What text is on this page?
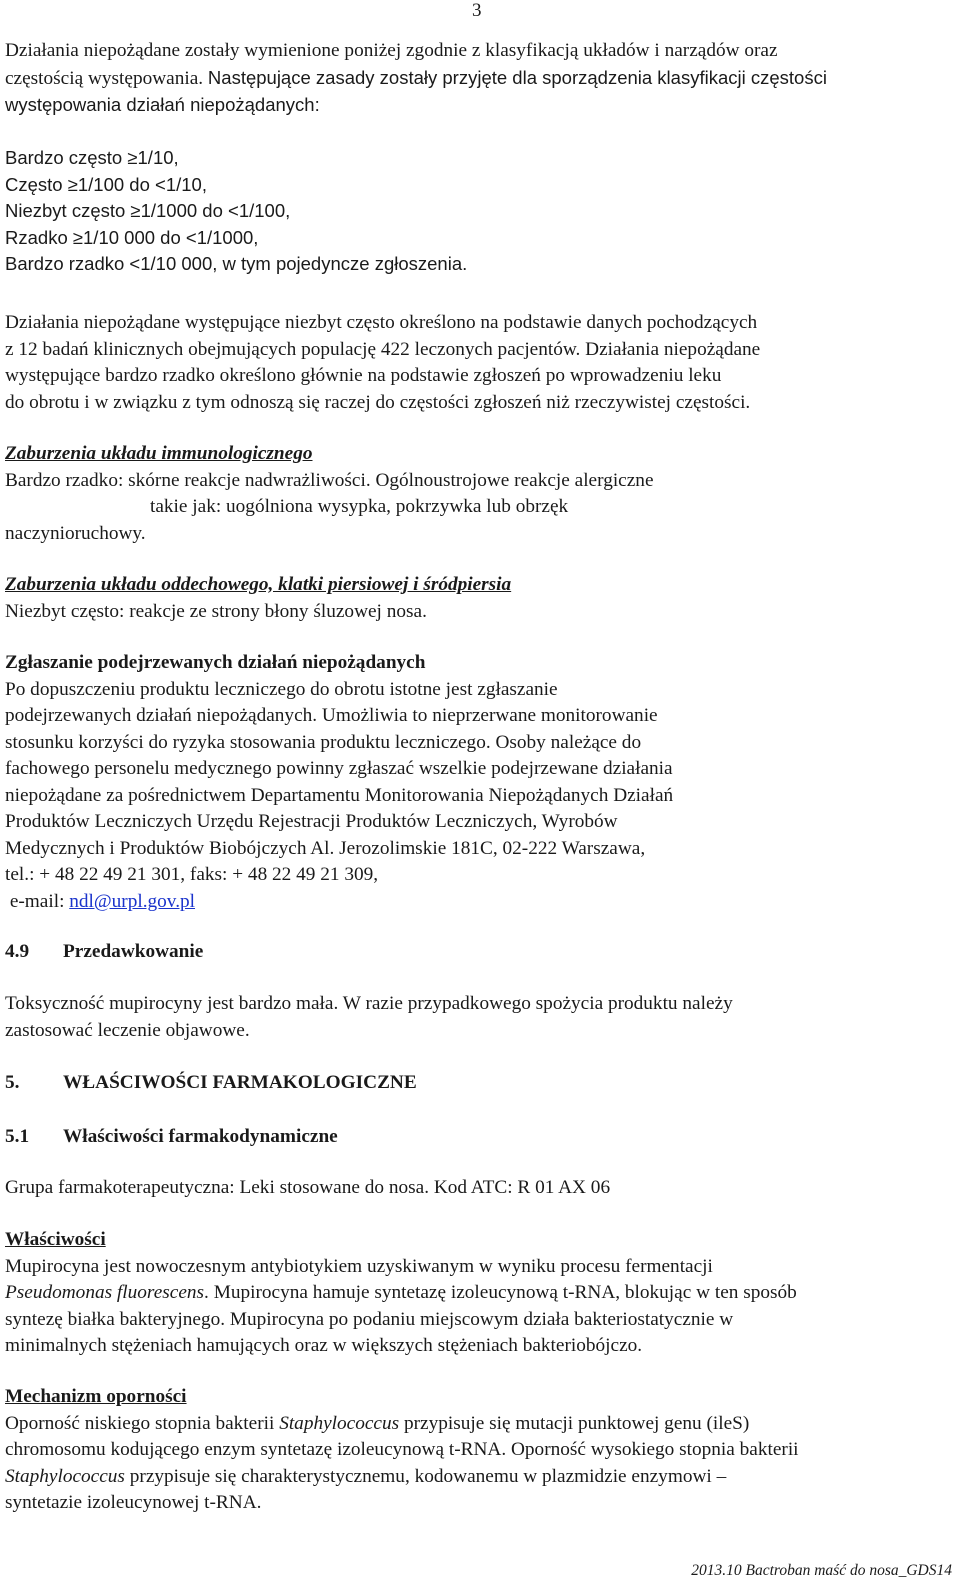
3
Działania niepożądane zostały wymienione poniżej zgodnie z klasyfikacją układów i narządów oraz
częstością występowania. Następujące zasady zostały przyjęte dla sporządzenia klasyfikacji częstości
występowania działań niepożądanych:
Bardzo często ≥1/10,
Często ≥1/100 do <1/10,
Niezbyt często ≥1/1000 do <1/100,
Rzadko ≥1/10 000 do <1/1000,
Bardzo rzadko <1/10 000, w tym pojedyncze zgłoszenia.
Działania niepożądane występujące niezbyt często określono na podstawie danych pochodzących
z 12 badań klinicznych obejmujących populację 422 leczonych pacjentów. Działania niepożądane
występujące bardzo rzadko określono głównie na podstawie zgłoszeń po wprowadzeniu leku
do obrotu i w związku z tym odnoszą się raczej do częstości zgłoszeń niż rzeczywistej częstości.
Zaburzenia układu immunologicznego
Bardzo rzadko: skórne reakcje nadwrażliwości. Ogólnoustrojowe reakcje alergiczne
takie jak: uogólniona wysypka, pokrzywka lub obrzęk
naczynioruchowy.
Zaburzenia układu oddechowego, klatki piersiowej i śródpiersia
Niezbyt często: reakcje ze strony błony śluzowej nosa.
Zgłaszanie podejrzewanych działań niepożądanych
Po dopuszczeniu produktu leczniczego do obrotu istotne jest zgłaszanie
podejrzewanych działań niepożądanych. Umożliwia to nieprzerwane monitorowanie
stosunku korzyści do ryzyka stosowania produktu leczniczego. Osoby należące do
fachowego personelu medycznego powinny zgłaszać wszelkie podejrzewane działania
niepożądane za pośrednictwem Departamentu Monitorowania Niepożądanych Działań
Produktów Leczniczych Urzędu Rejestracji Produktów Leczniczych, Wyrobów
Medycznych i Produktów Biobójczych Al. Jerozolimskie 181C, 02-222 Warszawa,
tel.: + 48 22 49 21 301, faks: + 48 22 49 21 309,
e-mail: ndl@urpl.gov.pl
4.9 Przedawkowanie
Toksyczność mupirocyny jest bardzo mała. W razie przypadkowego spożycia produktu należy
zastosować leczenie objawowe.
5. WŁAŚCIWOŚCI FARMAKOLOGICZNE
5.1 Właściwości farmakodynamiczne
Grupa farmakoterapeutyczna: Leki stosowane do nosa. Kod ATC: R 01 AX 06
Właściwości
Mupirocyna jest nowoczesnym antybiotykiem uzyskiwanym w wyniku procesu fermentacji
Pseudomonas fluorescens. Mupirocyna hamuje syntetazę izoleucynową t-RNA, blokując w ten sposób
syntezę białka bakteryjnego. Mupirocyna po podaniu miejscowym działa bakteriostatycznie w
minimalnych stężeniach hamujących oraz w większych stężeniach bakteriobójczo.
Mechanizm oporności
Oporność niskiego stopnia bakterii Staphylococcus przypisuje się mutacji punktowej genu (ileS)
chromosomu kodującego enzym syntetazę izoleucynową t-RNA. Oporność wysokiego stopnia bakterii
Staphylococcus przypisuje się charakterystycznemu, kodowanemu w plazmidzie enzymowi –
syntetazie izoleucynowej t-RNA.
2013.10 Bactroban maść do nosa_GDS14
